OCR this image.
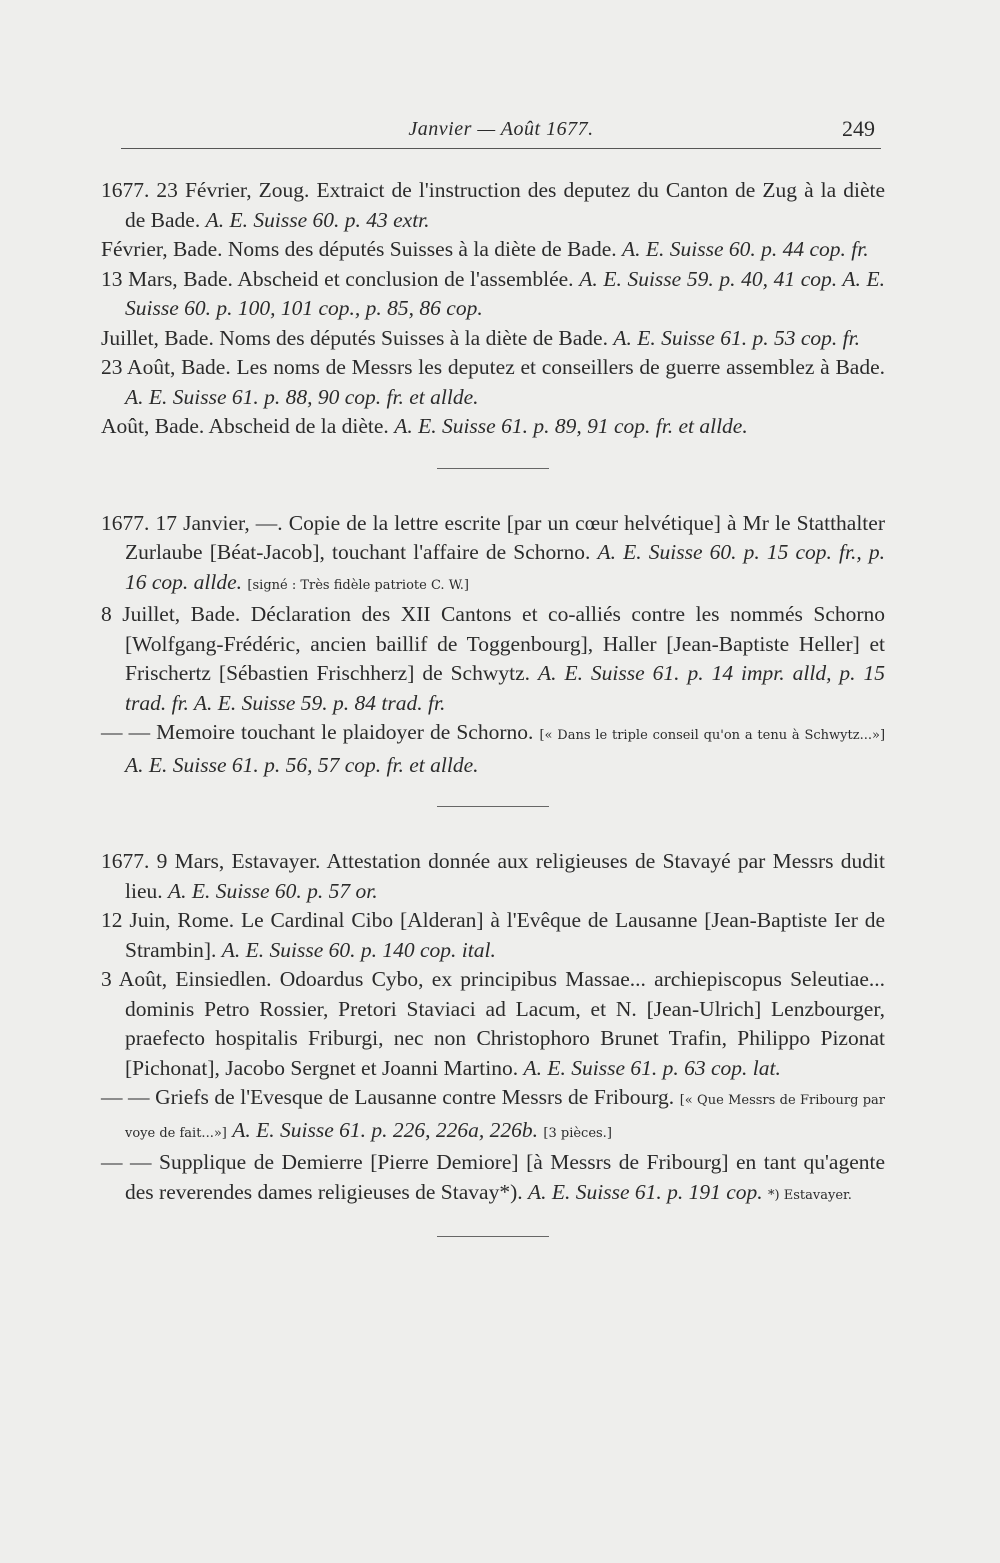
Janvier — Août 1677.	249

1677. 23 Février, Zoug. Extraict de l'instruction des deputez du Canton de Zug à la diète de Bade. A. E. Suisse 60. p. 43 extr.

Février, Bade. Noms des députés Suisses à la diète de Bade. A. E. Suisse 60. p. 44 cop. fr.

13 Mars, Bade. Abscheid et conclusion de l'assemblée. A. E. Suisse 59. p. 40, 41 cop. A. E. Suisse 60. p. 100, 101 cop., p. 85, 86 cop.

Juillet, Bade. Noms des députés Suisses à la diète de Bade. A. E. Suisse 61. p. 53 cop. fr.

23 Août, Bade. Les noms de Messrs les deputez et conseillers de guerre assemblez à Bade. A. E. Suisse 61. p. 88, 90 cop. fr. et allde.

Août, Bade. Abscheid de la diète. A. E. Suisse 61. p. 89, 91 cop. fr. et allde.

1677. 17 Janvier, —. Copie de la lettre escrite [par un cœur helvétique] à Mr le Statthalter Zurlaube [Béat-Jacob], touchant l'affaire de Schorno. A. E. Suisse 60. p. 15 cop. fr., p. 16 cop. allde. [signé : Très fidèle patriote C. W.]

8 Juillet, Bade. Déclaration des XII Cantons et co-alliés contre les nommés Schorno [Wolfgang-Frédéric, ancien baillif de Toggenbourg], Haller [Jean-Baptiste Heller] et Frischertz [Sébastien Frischherz] de Schwytz. A. E. Suisse 61. p. 14 impr. alld, p. 15 trad. fr. A. E. Suisse 59. p. 84 trad. fr.

— — Memoire touchant le plaidoyer de Schorno. [« Dans le triple conseil qu'on a tenu à Schwytz...»] A. E. Suisse 61. p. 56, 57 cop. fr. et allde.

1677. 9 Mars, Estavayer. Attestation donnée aux religieuses de Stavayé par Messrs dudit lieu. A. E. Suisse 60. p. 57 or.

12 Juin, Rome. Le Cardinal Cibo [Alderan] à l'Evêque de Lausanne [Jean-Baptiste Ier de Strambin]. A. E. Suisse 60. p. 140 cop. ital.

3 Août, Einsiedlen. Odoardus Cybo, ex principibus Massae... archiepiscopus Seleutiae... dominis Petro Rossier, Pretori Staviaci ad Lacum, et N. [Jean-Ulrich] Lenzbourger, praefecto hospitalis Friburgi, nec non Christophoro Brunet Trafin, Philippo Pizonat [Pichonat], Jacobo Sergnet et Joanni Martino. A. E. Suisse 61. p. 63 cop. lat.

— — Griefs de l'Evesque de Lausanne contre Messrs de Fribourg. [« Que Messrs de Fribourg par voye de fait...»] A. E. Suisse 61. p. 226, 226a, 226b. [3 pièces.]

— — Supplique de Demierre [Pierre Demiore] [à Messrs de Fribourg] en tant qu'agente des reverendes dames religieuses de Stavay*). A. E. Suisse 61. p. 191 cop. *) Estavayer.
